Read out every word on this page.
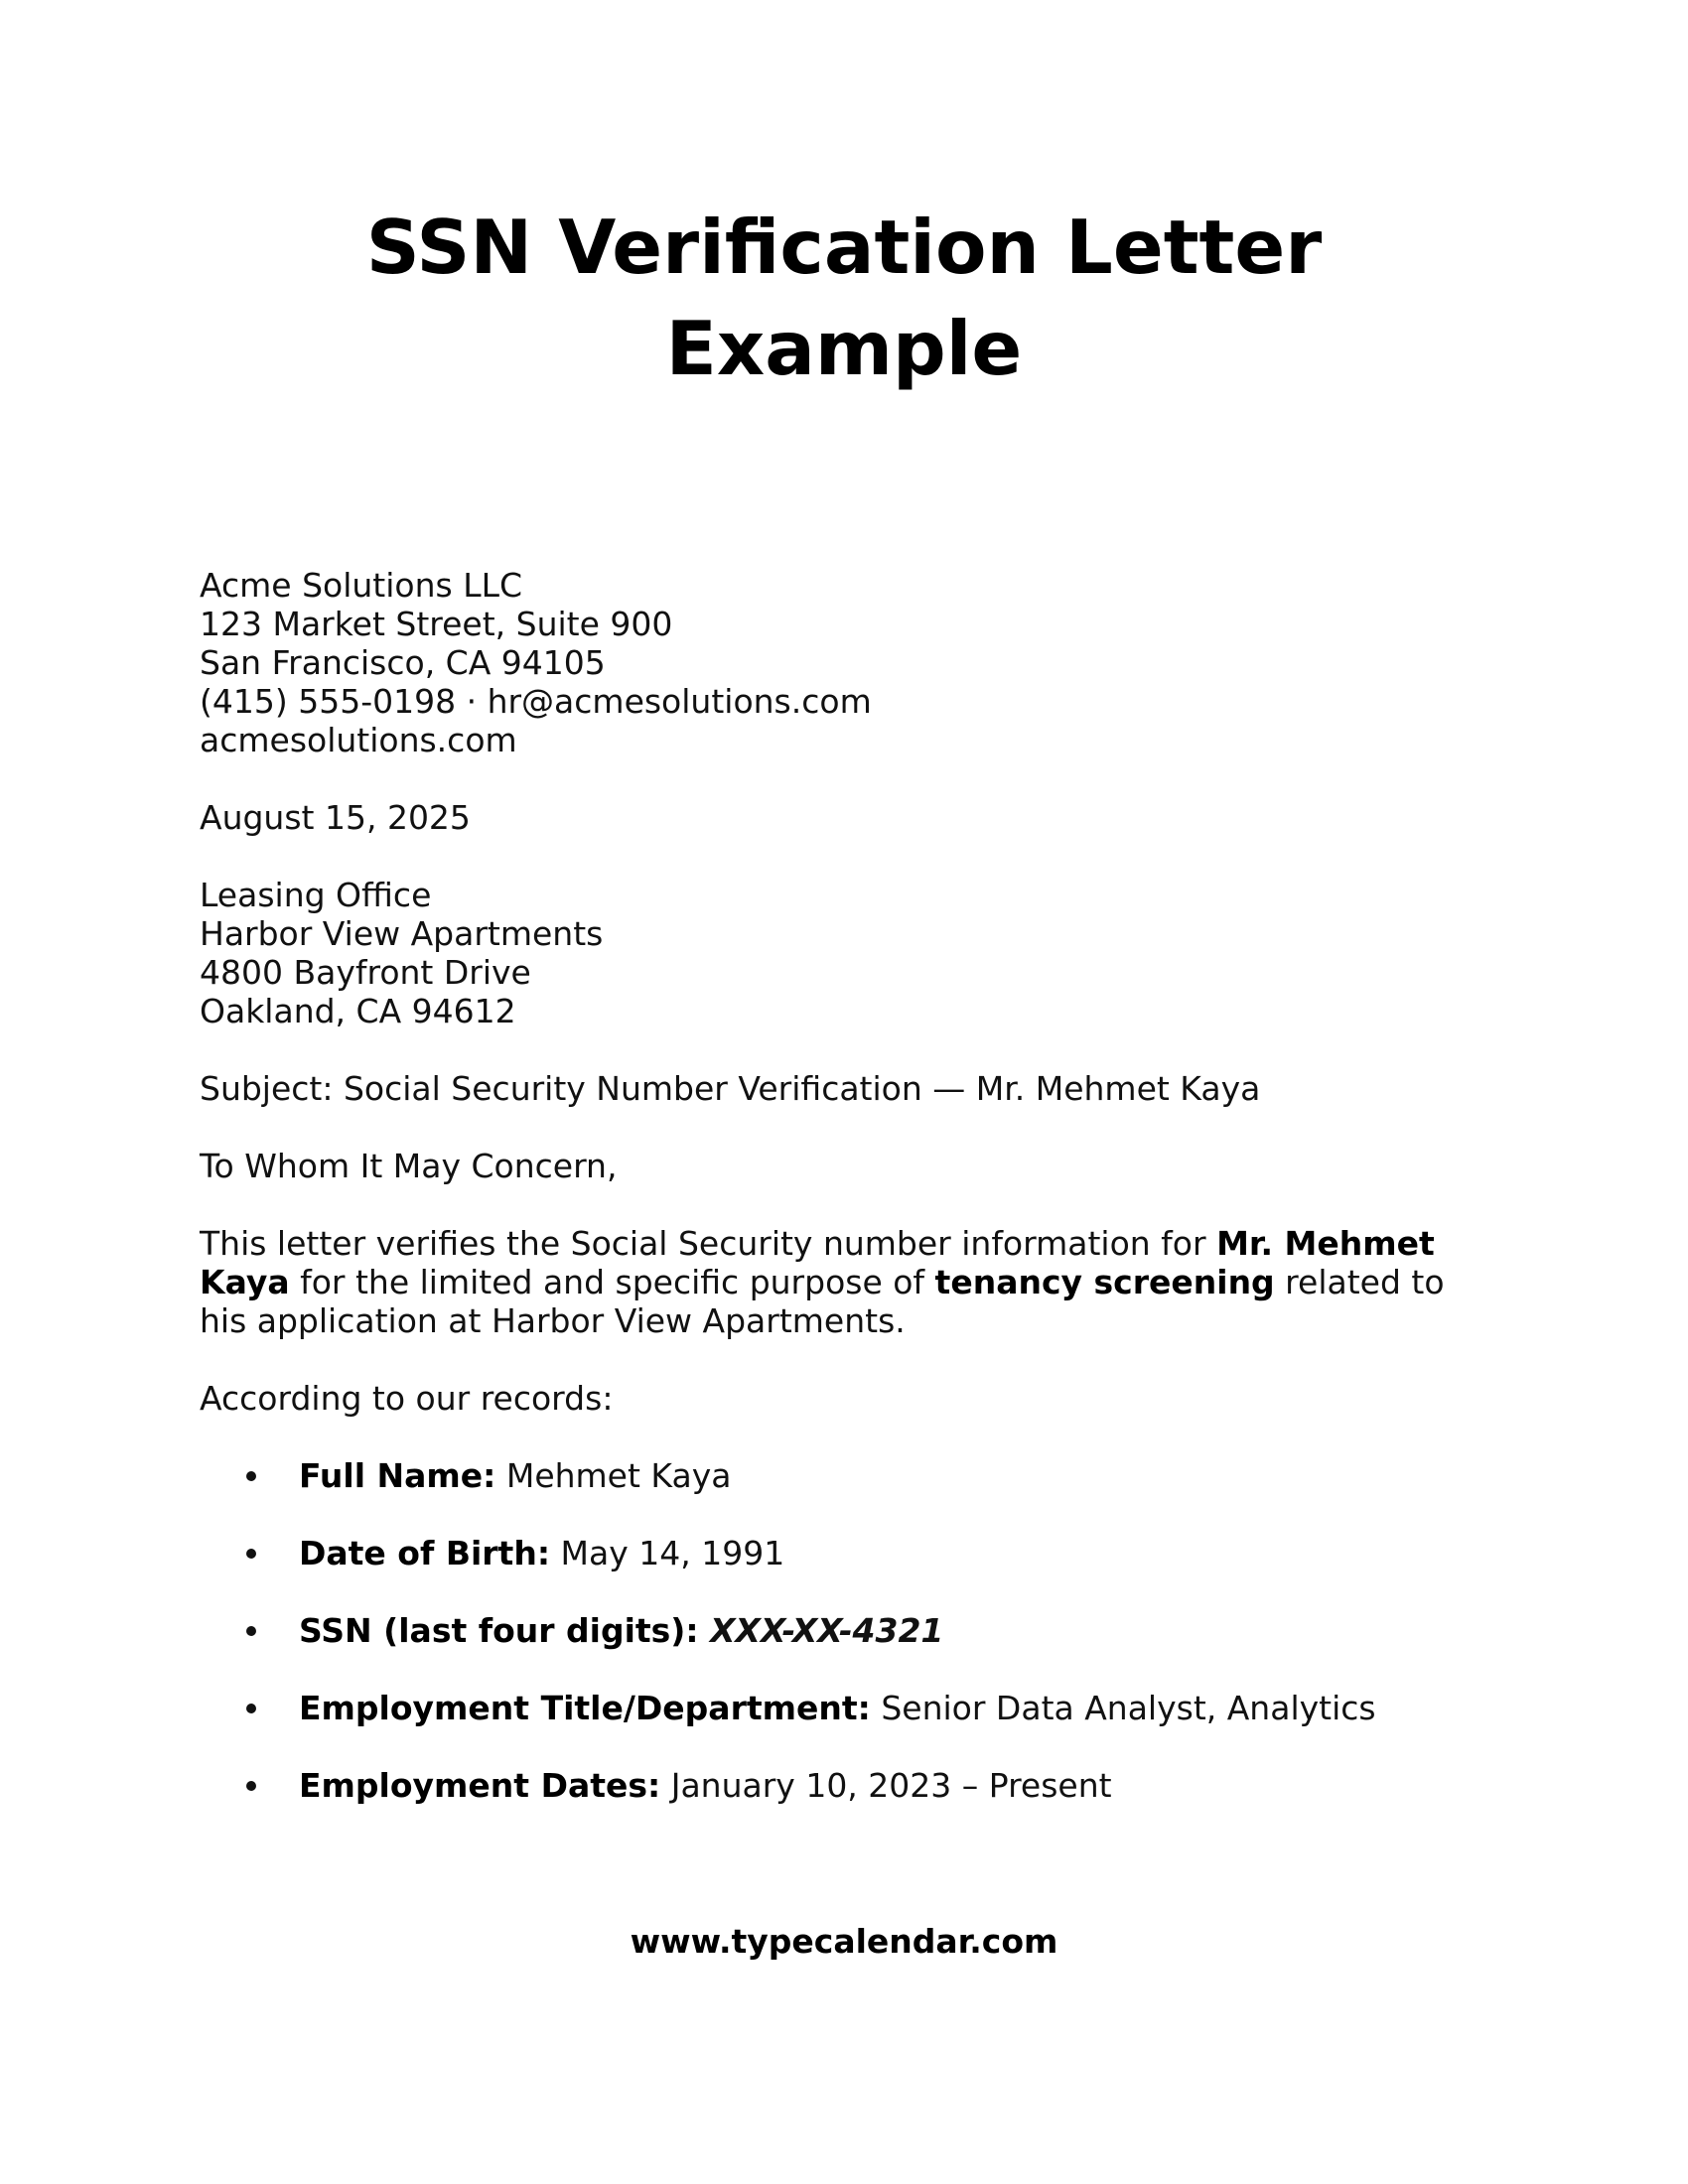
SSN Verification Letter
Example
Acme Solutions LLC
123 Market Street, Suite 900
San Francisco, CA 94105
(415) 555-0198 · hr@acmesolutions.com
acmesolutions.com
August 15, 2025
Leasing Office
Harbor View Apartments
4800 Bayfront Drive
Oakland, CA 94612
Subject: Social Security Number Verification — Mr. Mehmet Kaya
To Whom It May Concern,
This letter verifies the Social Security number information for Mr. Mehmet Kaya for the limited and specific purpose of tenancy screening related to his application at Harbor View Apartments.
According to our records:
Full Name: Mehmet Kaya
Date of Birth: May 14, 1991
SSN (last four digits): XXX-XX-4321
Employment Title/Department: Senior Data Analyst, Analytics
Employment Dates: January 10, 2023 – Present
www.typecalendar.com
